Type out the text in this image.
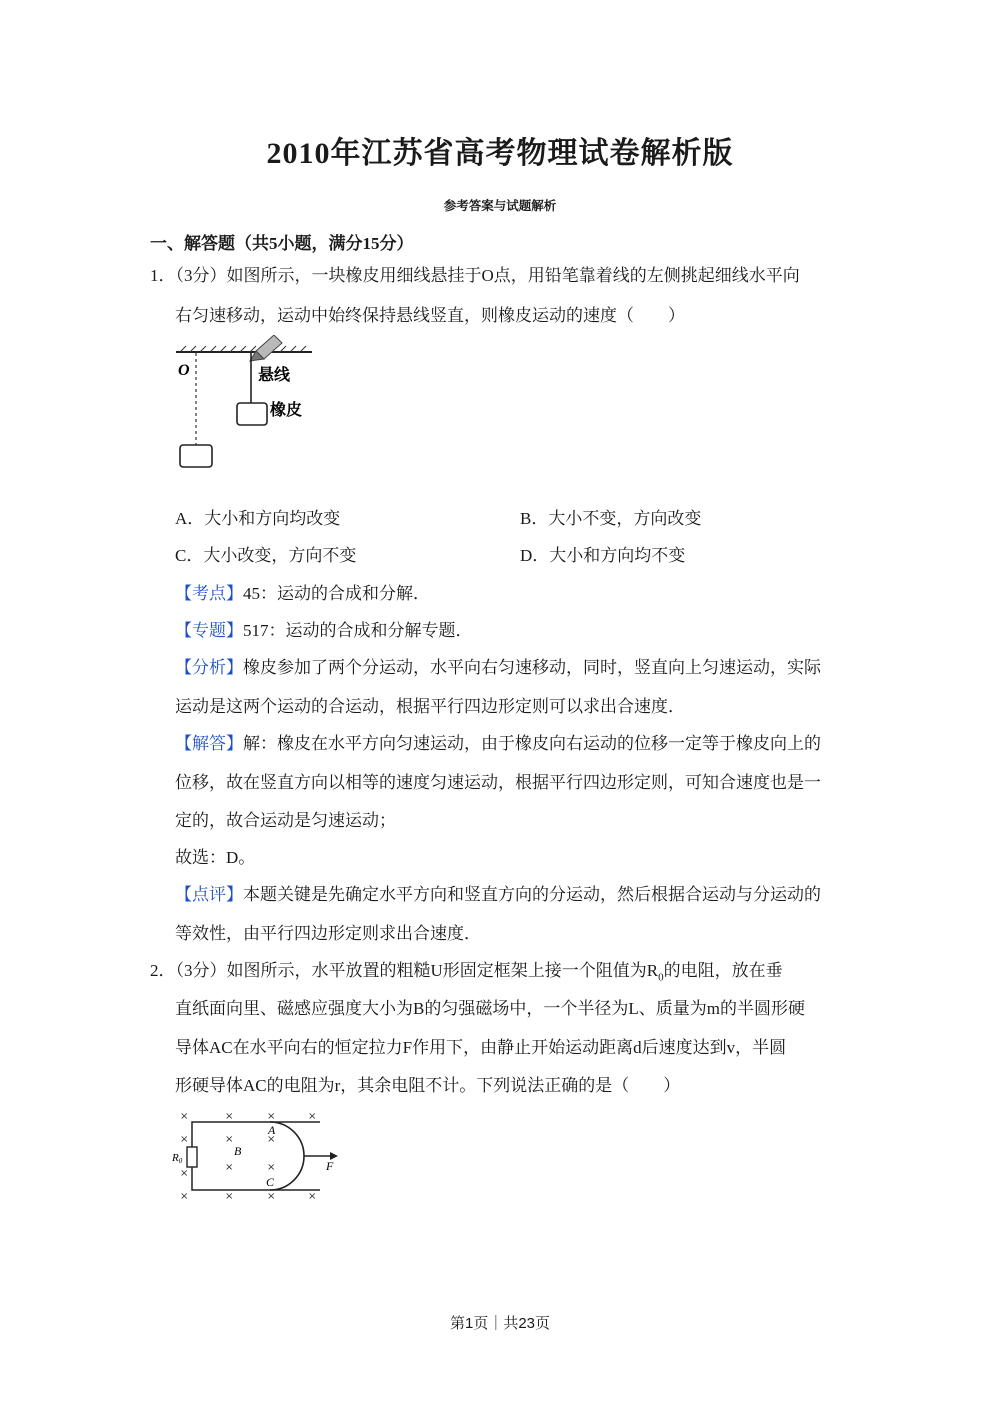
2010年江苏省高考物理试卷解析版
参考答案与试题解析
一、解答题（共5小题，满分15分）
1．（3分）如图所示，一块橡皮用细线悬挂于O点，用铅笔靠着线的左侧挑起细线水平向
右匀速移动，运动中始终保持悬线竖直，则橡皮运动的速度（　　）
O	悬线
橡皮
A．大小和方向均改变	B．大小不变，方向改变
C．大小改变，方向不变	D．大小和方向均不变
【考点】45：运动的合成和分解．
【专题】517：运动的合成和分解专题．
【分析】橡皮参加了两个分运动，水平向右匀速移动，同时，竖直向上匀速运动，实际
运动是这两个运动的合运动，根据平行四边形定则可以求出合速度．
【解答】解：橡皮在水平方向匀速运动，由于橡皮向右运动的位移一定等于橡皮向上的
位移，故在竖直方向以相等的速度匀速运动，根据平行四边形定则，可知合速度也是一
定的，故合运动是匀速运动；
故选：D。
【点评】本题关键是先确定水平方向和竖直方向的分运动，然后根据合运动与分运动的
等效性，由平行四边形定则求出合速度．
2．（3分）如图所示，水平放置的粗糙U形固定框架上接一个阻值为$R_0$的电阻，放在垂
直纸面向里、磁感应强度大小为B的匀强磁场中，一个半径为L、质量为m的半圆形硬
导体AC在水平向右的恒定拉力F作用下，由静止开始运动距离d后速度达到v，半圆
形硬导体AC的电阻为r，其余电阻不计。下列说法正确的是（　　）
×	×	×	×
×	×	×
×	×
×	×	×	×
×
A
B
C
R0	F
第1页｜共23页
